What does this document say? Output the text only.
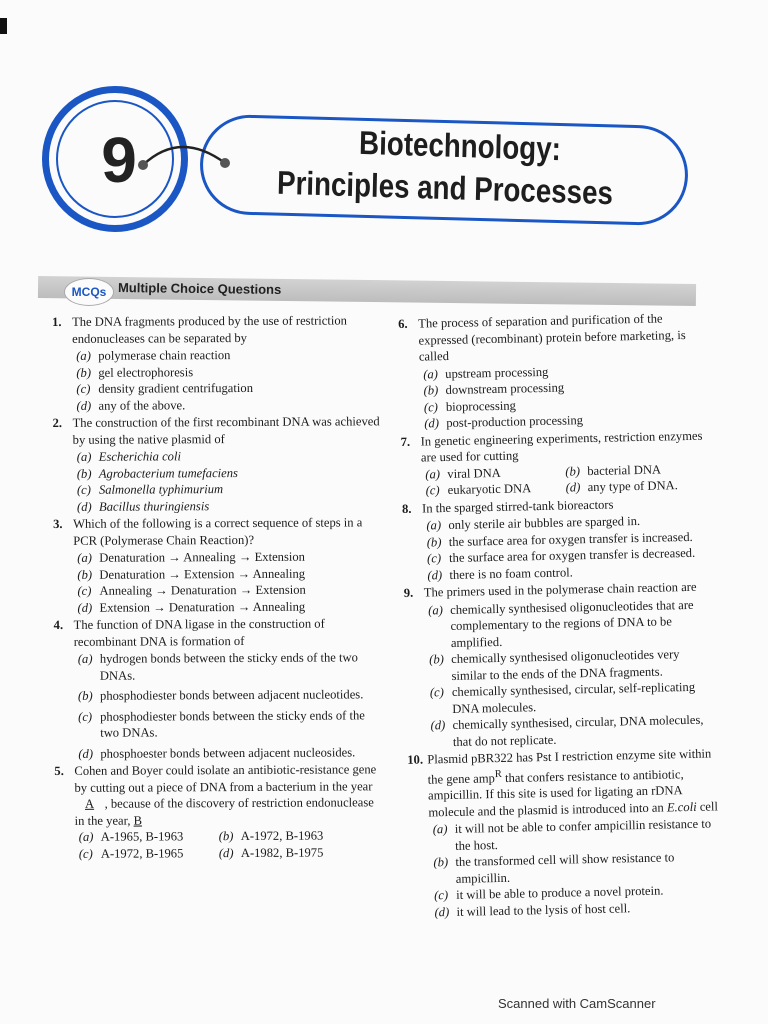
9	Biotechnology:
Principles and Processes
MCQs Multiple Choice Questions
1. The DNA fragments produced by the use of restriction endonucleases can be separated by
(a) polymerase chain reaction
(b) gel electrophoresis
(c) density gradient centrifugation
(d) any of the above.
2. The construction of the first recombinant DNA was achieved by using the native plasmid of
(a) Escherichia coli
(b) Agrobacterium tumefaciens
(c) Salmonella typhimurium
(d) Bacillus thuringiensis
3. Which of the following is a correct sequence of steps in a PCR (Polymerase Chain Reaction)?
(a) Denaturation → Annealing → Extension
(b) Denaturation → Extension → Annealing
(c) Annealing → Denaturation → Extension
(d) Extension → Denaturation → Annealing
4. The function of DNA ligase in the construction of recombinant DNA is formation of
(a) hydrogen bonds between the sticky ends of the two DNAs.
(b) phosphodiester bonds between adjacent nucleotides.
(c) phosphodiester bonds between the sticky ends of the two DNAs.
(d) phosphoester bonds between adjacent nucleosides.
5. Cohen and Boyer could isolate an antibiotic-resistance gene by cutting out a piece of DNA from a bacterium in the year A , because of the discovery of restriction endonuclease in the year, B
(a) A-1965, B-1963	(b) A-1972, B-1963
(c) A-1972, B-1965	(d) A-1982, B-1975
6. The process of separation and purification of the expressed (recombinant) protein before marketing, is called
(a) upstream processing
(b) downstream processing
(c) bioprocessing
(d) post-production processing
7. In genetic engineering experiments, restriction enzymes are used for cutting
(a) viral DNA	(b) bacterial DNA
(c) eukaryotic DNA	(d) any type of DNA.
8. In the sparged stirred-tank bioreactors
(a) only sterile air bubbles are sparged in.
(b) the surface area for oxygen transfer is increased.
(c) the surface area for oxygen transfer is decreased.
(d) there is no foam control.
9. The primers used in the polymerase chain reaction are
(a) chemically synthesised oligonucleotides that are complementary to the regions of DNA to be amplified.
(b) chemically synthesised oligonucleotides very similar to the ends of the DNA fragments.
(c) chemically synthesised, circular, self-replicating DNA molecules.
(d) chemically synthesised, circular, DNA molecules, that do not replicate.
10. Plasmid pBR322 has Pst I restriction enzyme site within the gene amp$^R$ that confers resistance to antibiotic, ampicillin. If this site is used for ligating an rDNA molecule and the plasmid is introduced into an E.coli cell
(a) it will not be able to confer ampicillin resistance to the host.
(b) the transformed cell will show resistance to ampicillin.
(c) it will be able to produce a novel protein.
(d) it will lead to the lysis of host cell.
Scanned with CamScanner
